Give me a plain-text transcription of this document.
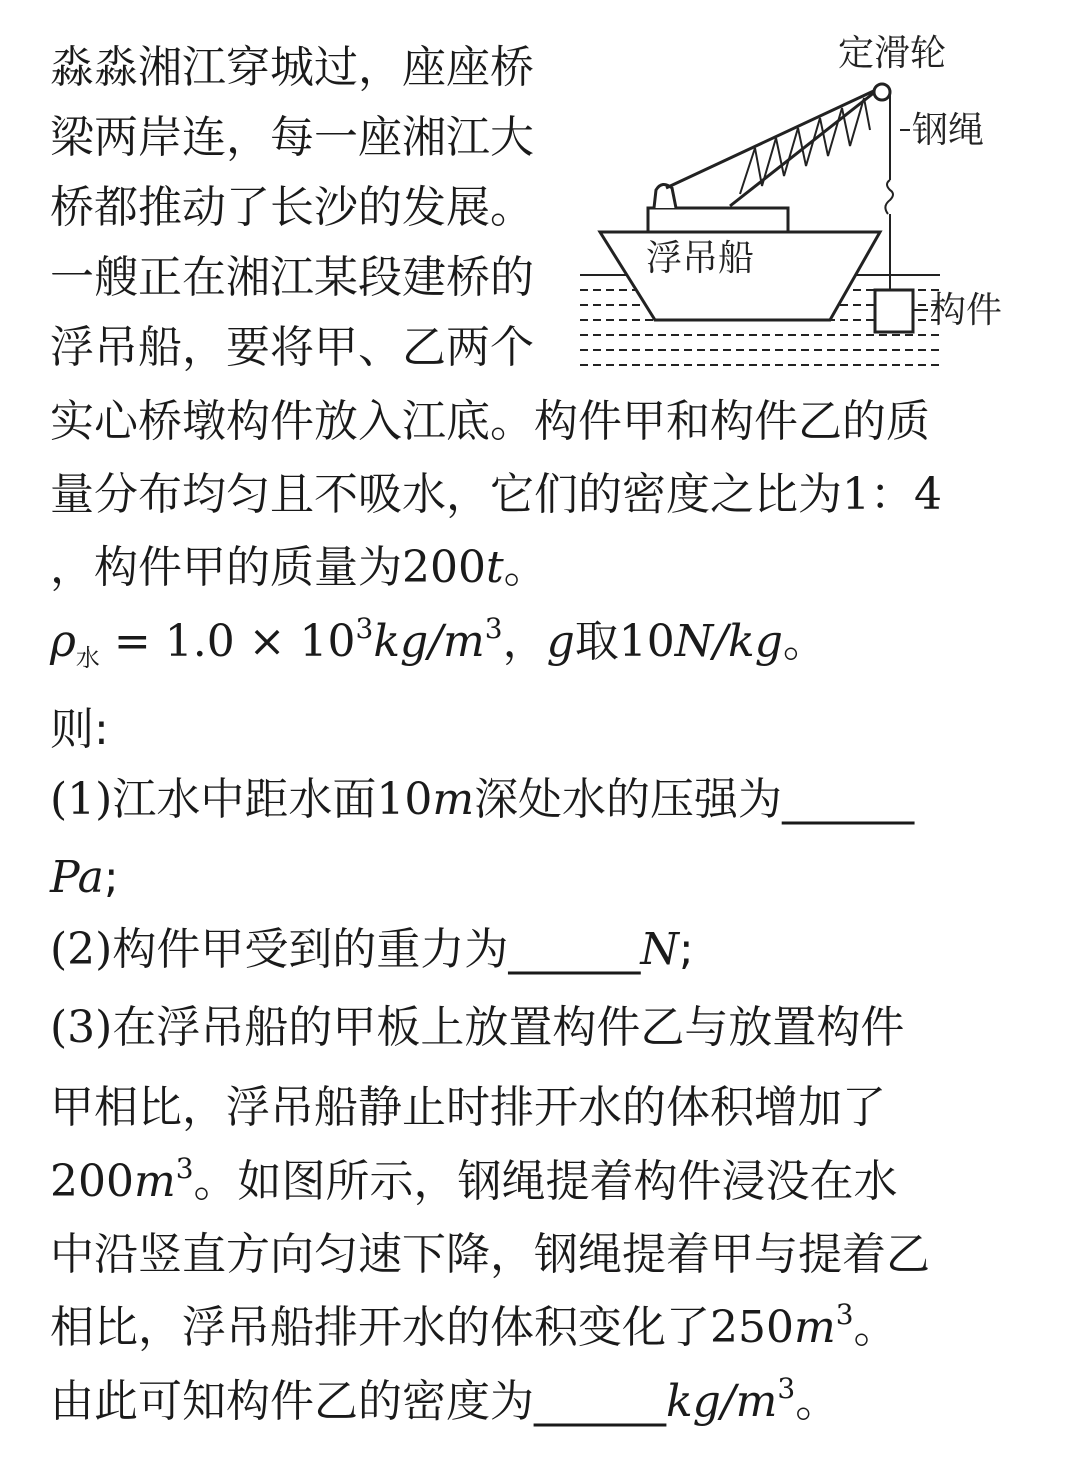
淼淼湘江穿城过，座座桥
梁两岸连，每一座湘江大
桥都推动了长沙的发展。
一艘正在湘江某段建桥的
浮吊船，要将甲、乙两个
实心桥墩构件放入江底。构件甲和构件乙的质
量分布均匀且不吸水，它们的密度之比为1：4
，构件甲的质量为200t。
$\rho_水 = 1.0 \times 10^3kg/m^3$，g取10N/kg。
则:
(1)江水中距水面10m深处水的压强为______
Pa;
(2)构件甲受到的重力为______N;
(3)在浮吊船的甲板上放置构件乙与放置构件
甲相比，浮吊船静止时排开水的体积增加了
$200m^3$。如图所示，钢绳提着构件浸没在水
中沿竖直方向匀速下降，钢绳提着甲与提着乙
相比，浮吊船排开水的体积变化了$250m^3$。
由此可知构件乙的密度为$\_\_\_\_\_\_kg/m^3$。
定滑轮
钢绳
浮吊船
构件
